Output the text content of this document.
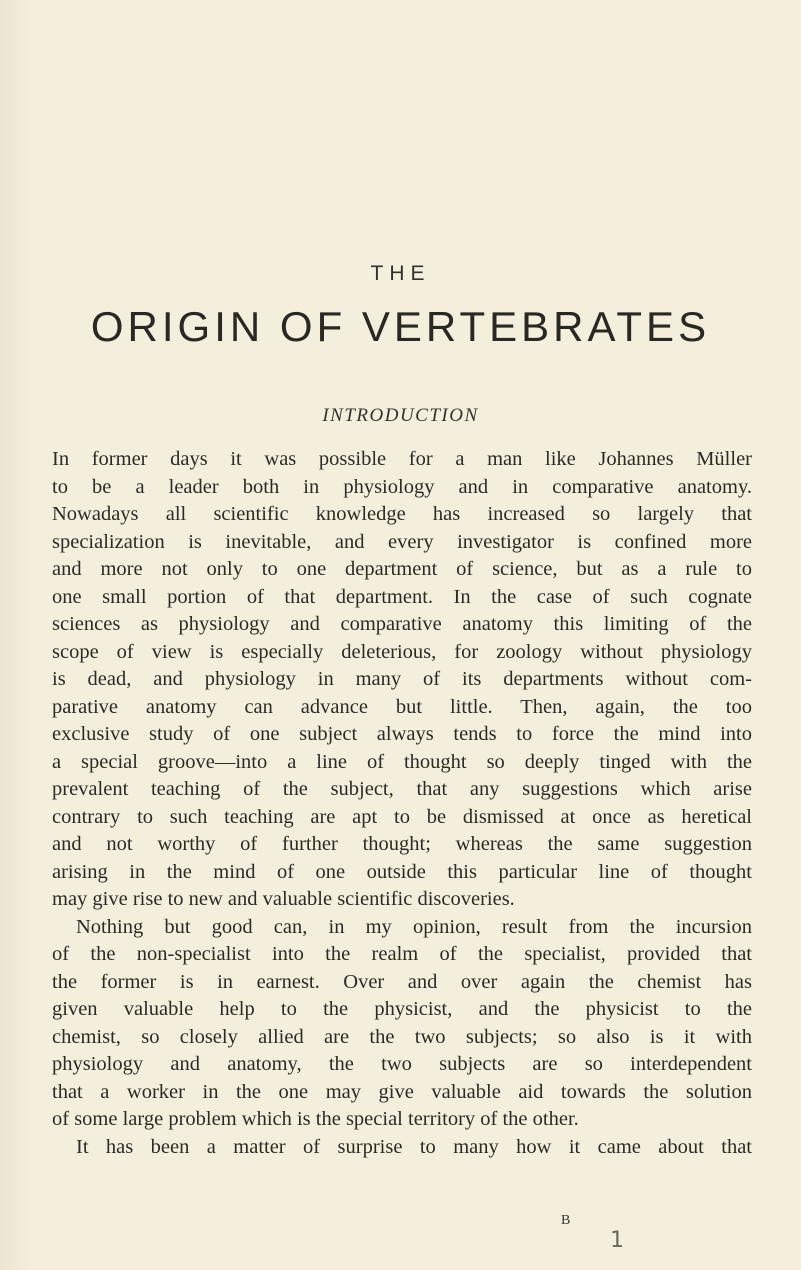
THE
ORIGIN OF VERTEBRATES
INTRODUCTION
In former days it was possible for a man like Johannes Müller
to be a leader both in physiology and in comparative anatomy.
Nowadays all scientific knowledge has increased so largely that
specialization is inevitable, and every investigator is confined more
and more not only to one department of science, but as a rule to
one small portion of that department. In the case of such cognate
sciences as physiology and comparative anatomy this limiting of the
scope of view is especially deleterious, for zoology without physiology
is dead, and physiology in many of its departments without com-
parative anatomy can advance but little. Then, again, the too
exclusive study of one subject always tends to force the mind into
a special groove—into a line of thought so deeply tinged with the
prevalent teaching of the subject, that any suggestions which arise
contrary to such teaching are apt to be dismissed at once as heretical
and not worthy of further thought; whereas the same suggestion
arising in the mind of one outside this particular line of thought
may give rise to new and valuable scientific discoveries.
Nothing but good can, in my opinion, result from the incursion
of the non-specialist into the realm of the specialist, provided that
the former is in earnest. Over and over again the chemist has
given valuable help to the physicist, and the physicist to the
chemist, so closely allied are the two subjects; so also is it with
physiology and anatomy, the two subjects are so interdependent
that a worker in the one may give valuable aid towards the solution
of some large problem which is the special territory of the other.
It has been a matter of surprise to many how it came about that
B
1
